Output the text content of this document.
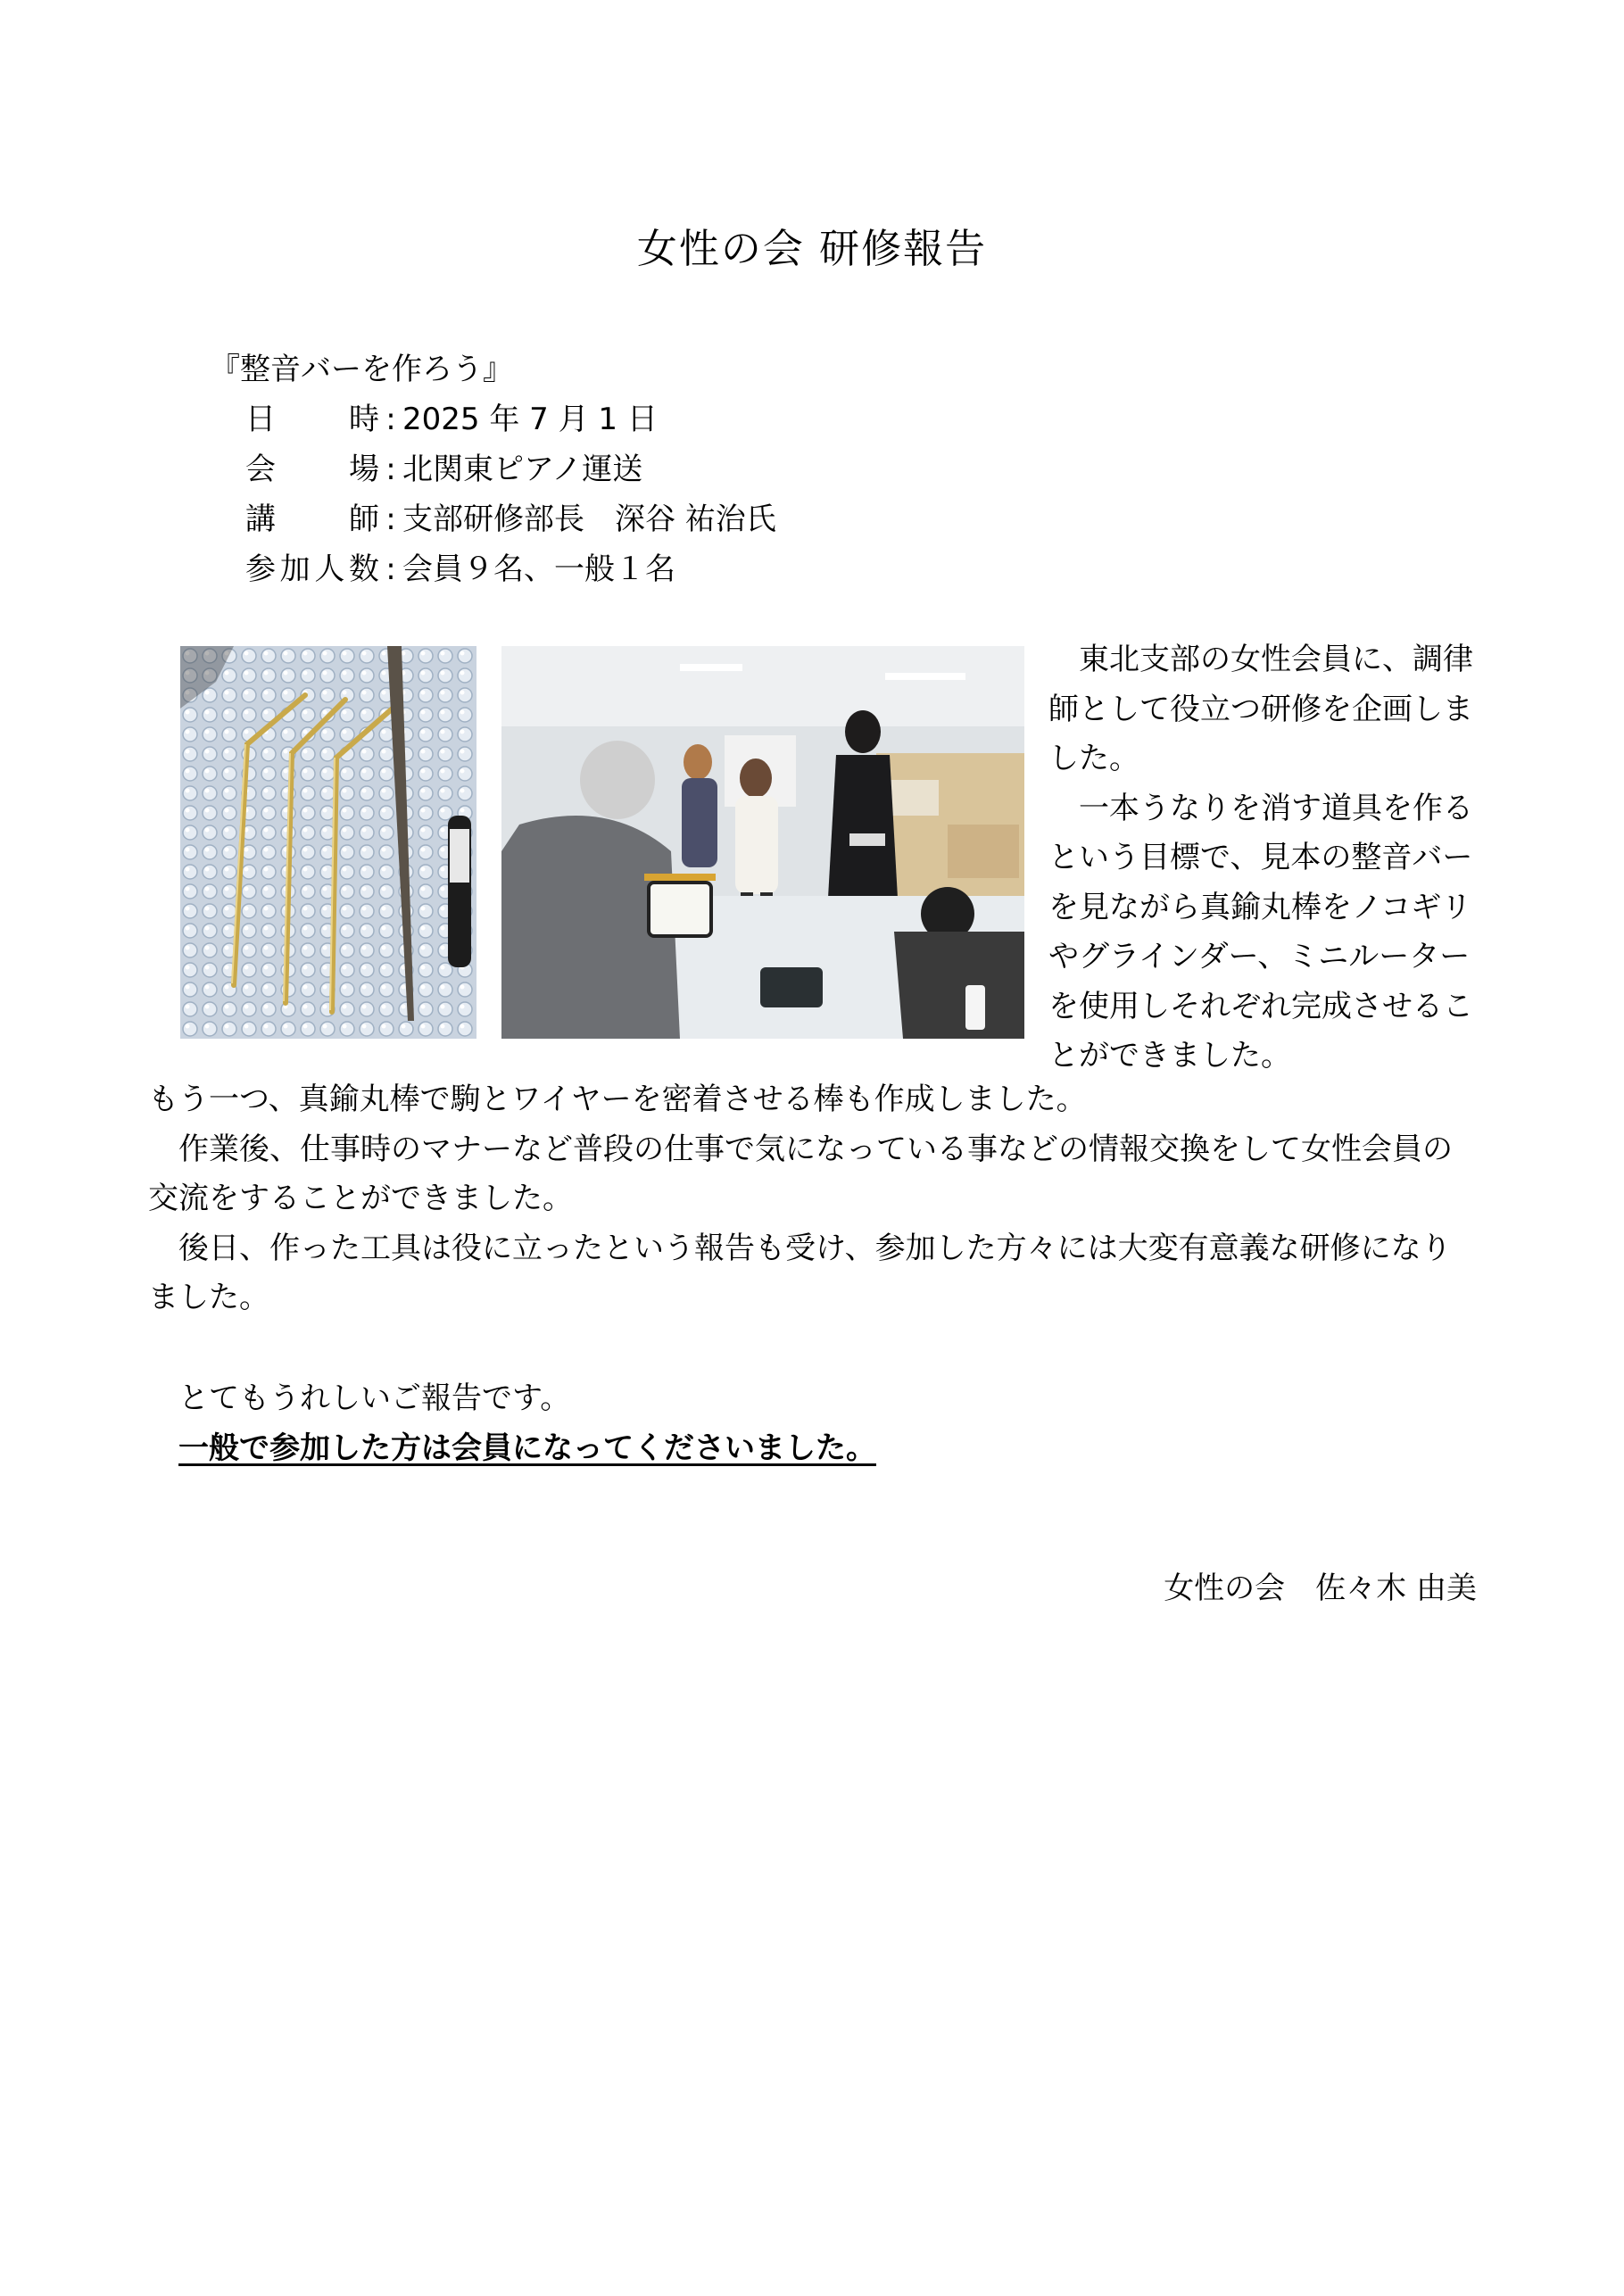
女性の会 研修報告
『整音バーを作ろう』
日　　時 : 2025 年 7 月 1 日
会　　場 : 北関東ピアノ運送
講　　師 : 支部研修部長　深谷 祐治氏
参加人数 : 会員９名、一般１名

　東北支部の女性会員に、調律師として役立つ研修を企画しました。

　一本うなりを消す道具を作るという目標で、見本の整音バーを見ながら真鍮丸棒をノコギリやグラインダー、ミニルーターを使用しそれぞれ完成させることができました。

もう一つ、真鍮丸棒で駒とワイヤーを密着させる棒も作成しました。

　作業後、仕事時のマナーなど普段の仕事で気になっている事などの情報交換をして女性会員の交流をすることができました。

　後日、作った工具は役に立ったという報告も受け、参加した方々には大変有意義な研修になりました。

とてもうれしいご報告です。

一般で参加した方は会員になってくださいました。

女性の会　佐々木 由美
